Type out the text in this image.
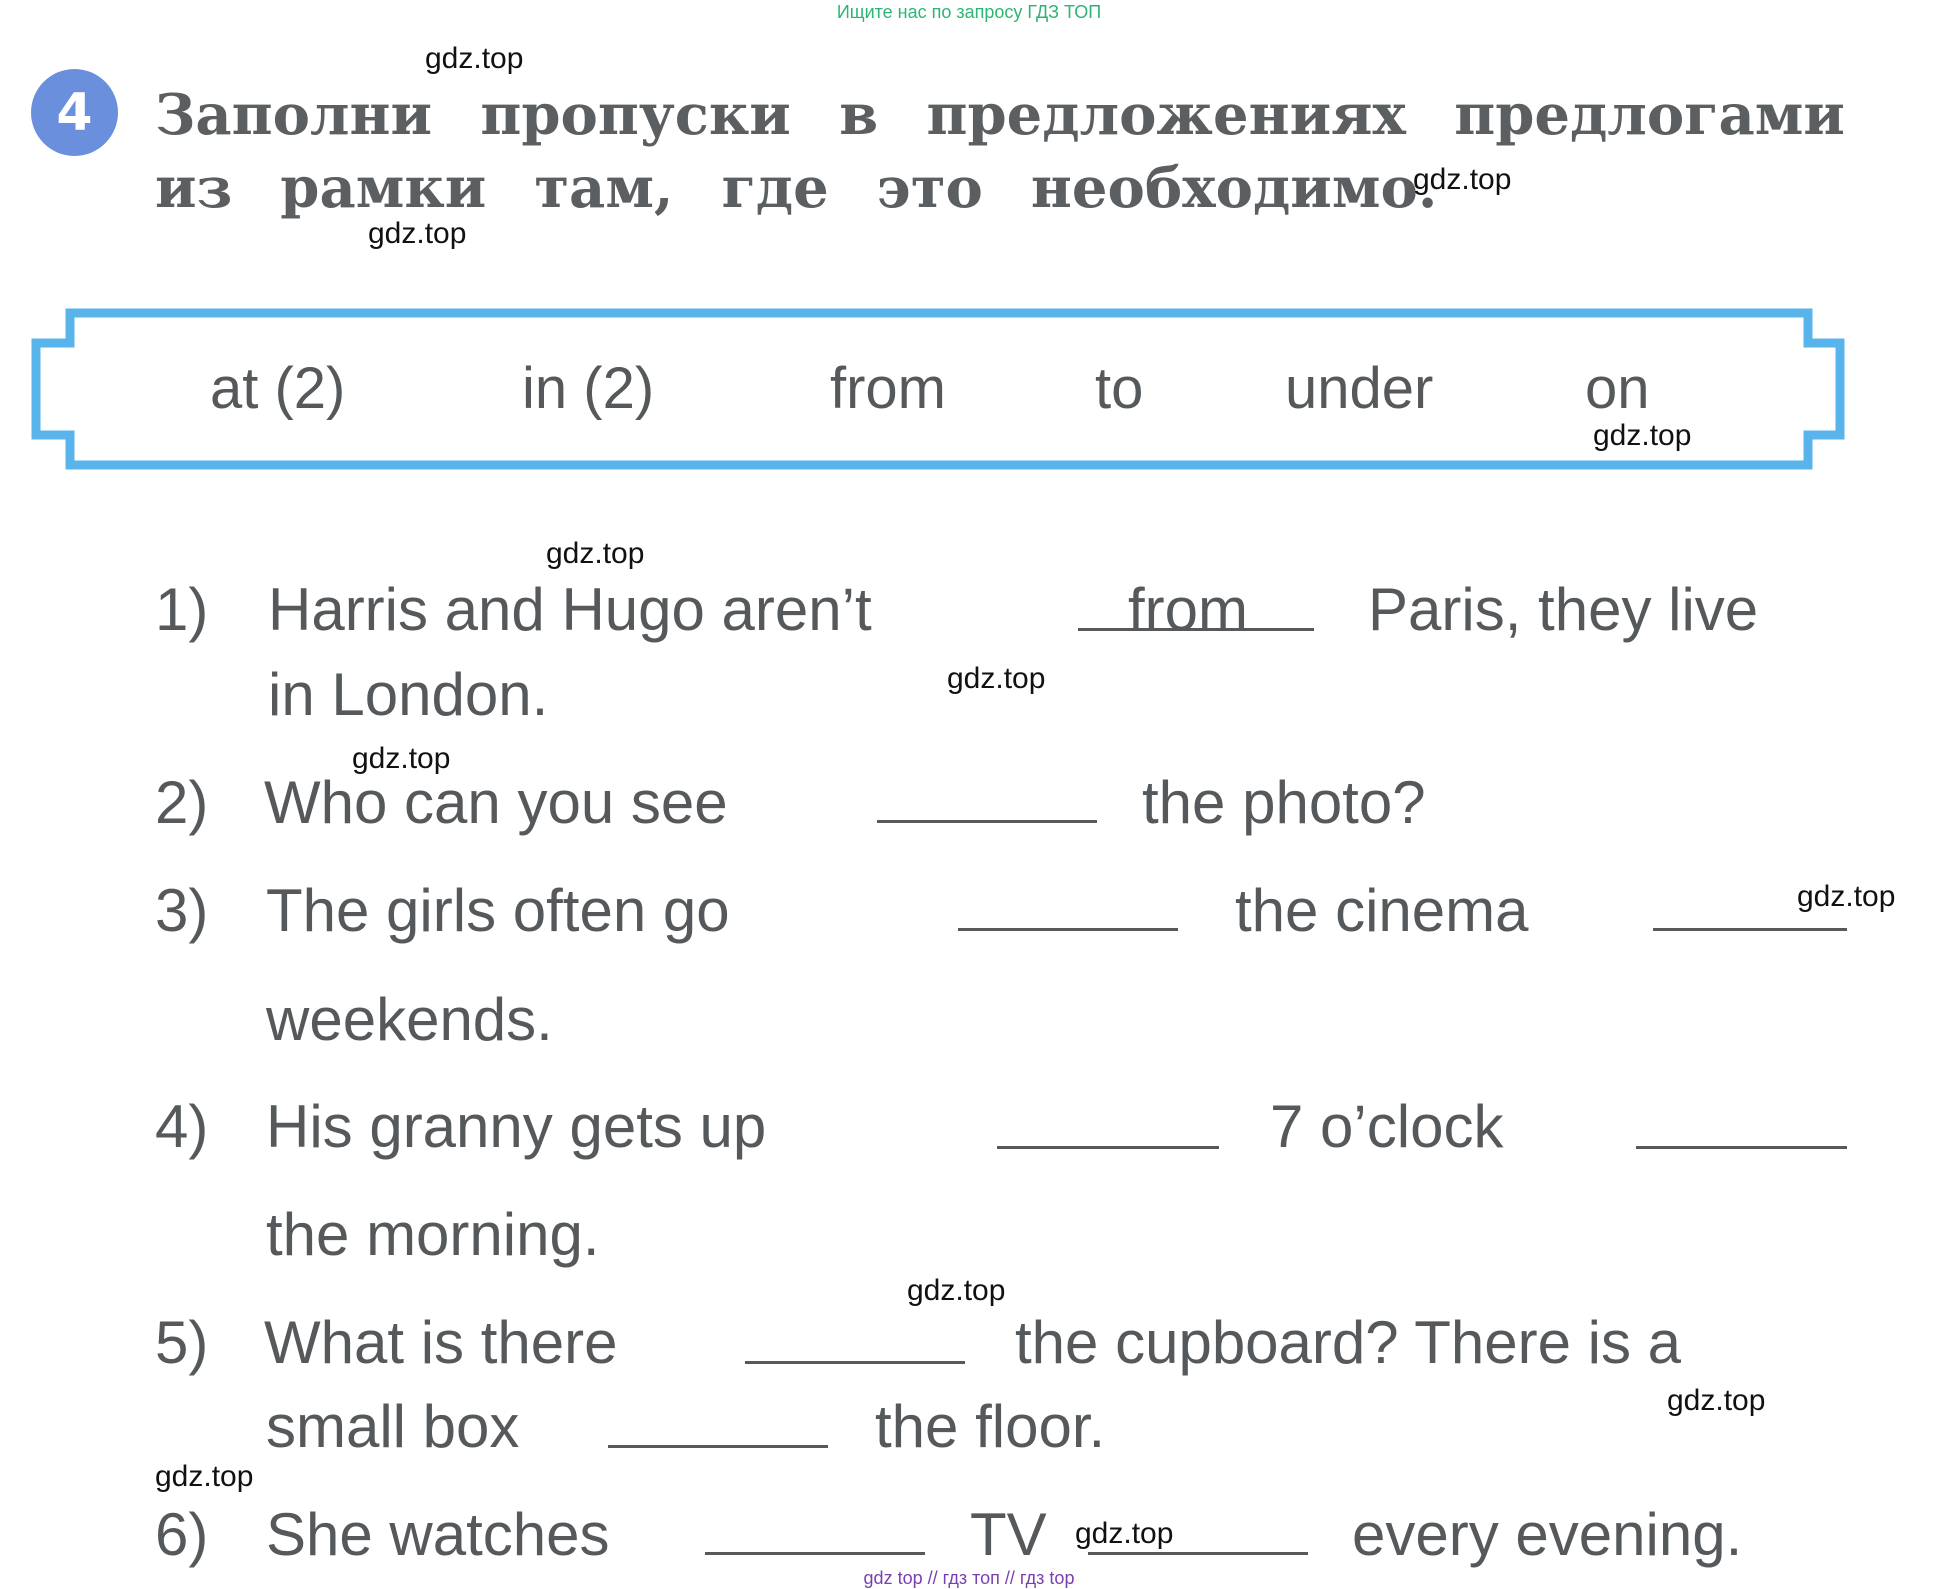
Ищите нас по запросу ГДЗ ТОП
4	Заполни пропуски в предложениях предлогами
из рамки там, где это необходимо.
at (2)	in (2)	from	to under	on
1) Harris and Hugo aren’t	from Paris, they live
in London.
2) Who can you see	the photo?
3) The girls often go	the cinema
weekends.
4) His granny gets up	7 o’clock
the morning.
5) What is there	the cupboard? There is a
small box	the floor.
6) She watches	TV	every evening.
gdz.top
gdz.top
gdz.top
gdz.top
gdz.top
gdz.top
gdz.top
gdz.top
gdz.top
gdz.top
gdz.top
gdz.top
gdz top // гдз топ // гдз top
